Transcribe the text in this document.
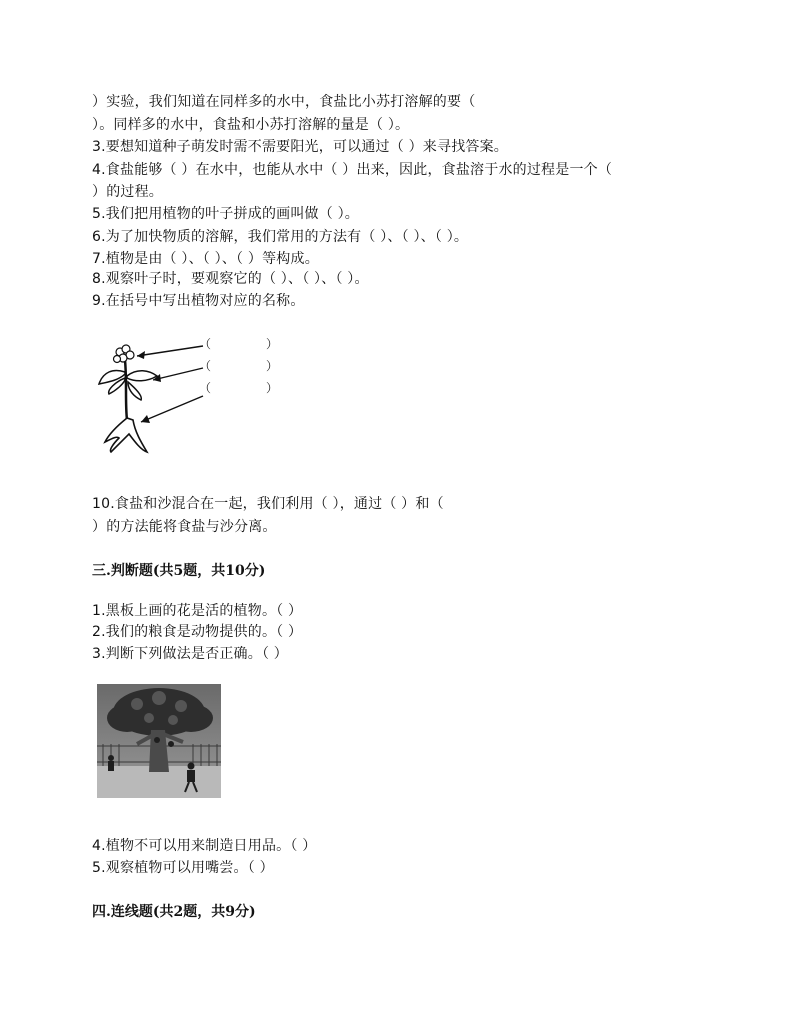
）实验，我们知道在同样多的水中，食盐比小苏打溶解的要（
）。同样多的水中，食盐和小苏打溶解的量是（ ）。
3.要想知道种子萌发时需不需要阳光，可以通过（ ）来寻找答案。
4.食盐能够（ ）在水中，也能从水中（ ）出来，因此，食盐溶于水的过程是一个（
）的过程。
5.我们把用植物的叶子拼成的画叫做（ ）。
6.为了加快物质的溶解，我们常用的方法有（ ）、（ ）、（ ）。
7.植物是由（ ）、（ ）、（ ）等构成。
8.观察叶子时，要观察它的（ ）、（ ）、（ ）。
9.在括号中写出植物对应的名称。
（	）
（	）
（	）
10.食盐和沙混合在一起，我们利用（ ），通过（ ）和（
）的方法能将食盐与沙分离。
三.判断题(共5题，共10分)
1.黑板上画的花是活的植物。（ ）
2.我们的粮食是动物提供的。（ ）
3.判断下列做法是否正确。（ ）
4.植物不可以用来制造日用品。（ ）
5.观察植物可以用嘴尝。（ ）
四.连线题(共2题，共9分)
